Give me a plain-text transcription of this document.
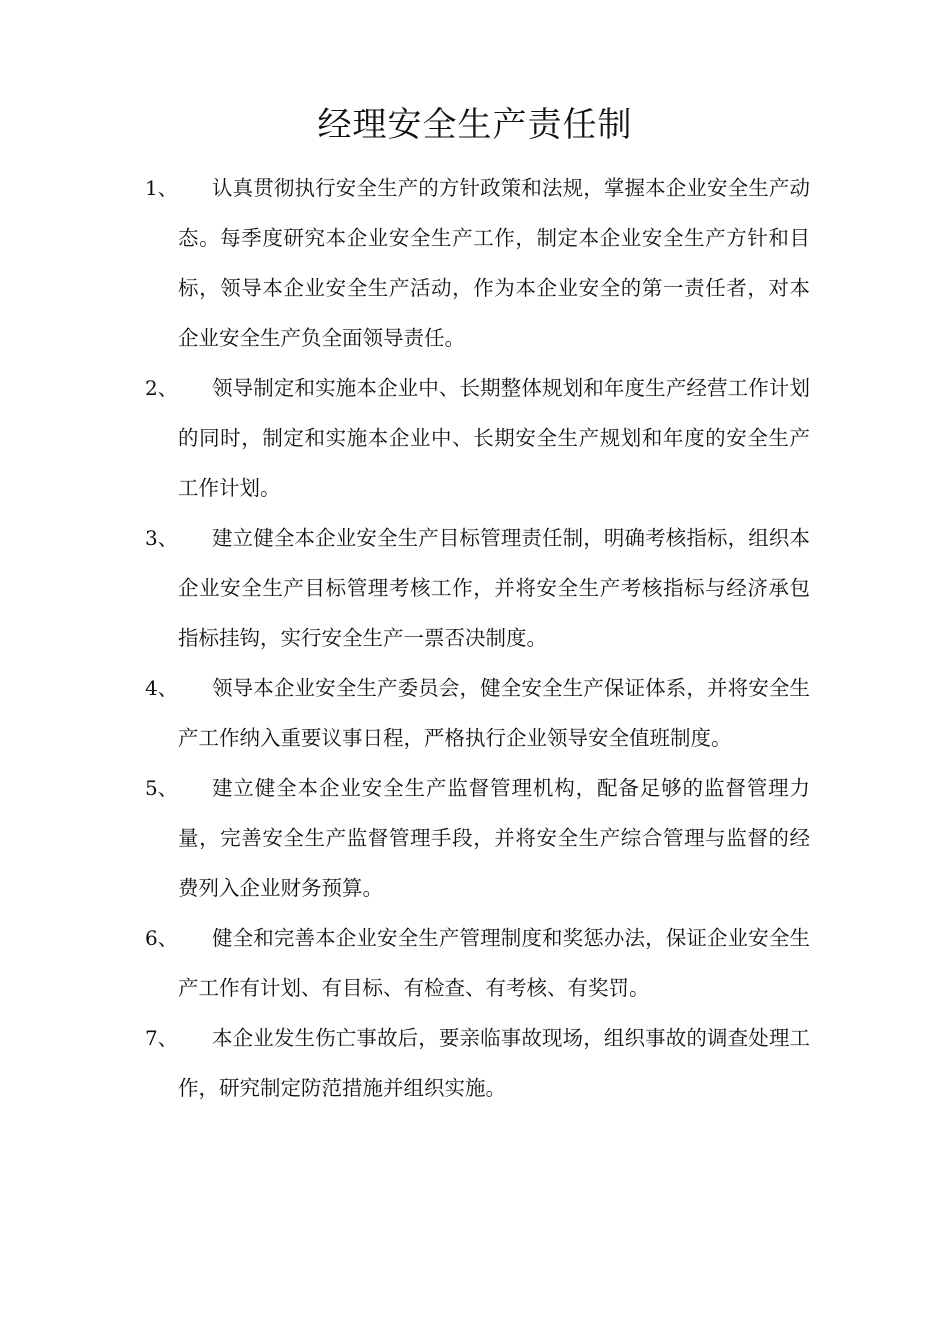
经理安全生产责任制
1、	认真贯彻执行安全生产的方针政策和法规，掌握本企业安全生产动态。每季度研究本企业安全生产工作，制定本企业安全生产方针和目标，领导本企业安全生产活动，作为本企业安全的第一责任者，对本企业安全生产负全面领导责任。

2、	领导制定和实施本企业中、长期整体规划和年度生产经营工作计划的同时，制定和实施本企业中、长期安全生产规划和年度的安全生产工作计划。

3、	建立健全本企业安全生产目标管理责任制，明确考核指标，组织本企业安全生产目标管理考核工作，并将安全生产考核指标与经济承包指标挂钩，实行安全生产一票否决制度。

4、	领导本企业安全生产委员会，健全安全生产保证体系，并将安全生产工作纳入重要议事日程，严格执行企业领导安全值班制度。

5、	建立健全本企业安全生产监督管理机构，配备足够的监督管理力量，完善安全生产监督管理手段，并将安全生产综合管理与监督的经费列入企业财务预算。

6、	健全和完善本企业安全生产管理制度和奖惩办法，保证企业安全生产工作有计划、有目标、有检查、有考核、有奖罚。

7、	本企业发生伤亡事故后，要亲临事故现场，组织事故的调查处理工作，研究制定防范措施并组织实施。
